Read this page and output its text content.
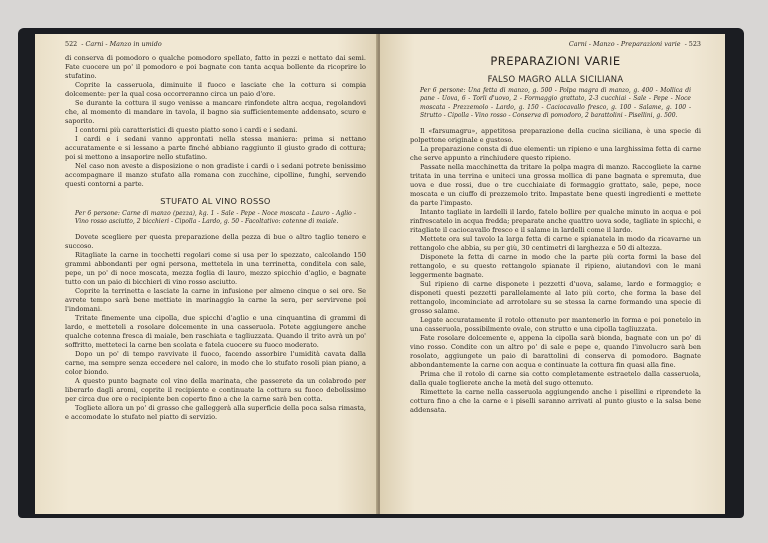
522  - Carni - Manzo in umido

di conserva di pomodoro o qualche pomodoro spellato, fatto in pezzi e nettato dai semi. Fate cuocere un po' il pomodoro e poi bagnate con tanta acqua bollente da ricoprire lo stufatino.

Coprite la casseruola, diminuite il fuoco e lasciate che la cottura si compia dolcemente: per la qual cosa occorreranno circa un paio d'ore.

Se durante la cottura il sugo venisse a mancare rinfondete altra acqua, regolandovi che, al momento di mandare in tavola, il bagno sia sufficientemente addensato, scuro e saporito.

I contorni più caratteristici di questo piatto sono i cardi e i sedani.

I cardi e i sedani vanno approntati nella stessa maniera: prima si nettano accuratamente e si lessano a parte finché abbiano raggiunto il giusto grado di cottura; poi si mettono a insaporire nello stufatino.

Nel caso non aveste a disposizione o non gradiste i cardi o i sedani potrete benissimo accompagnare il manzo stufato alla romana con zucchine, cipolline, funghi, servendo questi contorni a parte.

STUFATO AL VINO ROSSO
Per 6 persone: Carne di manzo (pezza), kg. 1 - Sale - Pepe - Noce moscata - Lauro - Aglio - Vino rosso asciutto, 2 bicchieri - Cipolla - Lardo, g. 50 - Facoltativo: cotenne di maiale.

Dovete scegliere per questa preparazione della pezza di bue o altro taglio tenero e succoso.

Ritagliate la carne in tocchetti regolari come si usa per lo spezzato, calcolando 150 grammi abbondanti per ogni persona, mettetela in una terrinetta, conditela con sale, pepe, un po' di noce moscata, mezza foglia di lauro, mezzo spicchio d'aglio, e bagnate tutto con un paio di bicchieri di vino rosso asciutto.

Coprite la terrinetta e lasciate la carne in infusione per almeno cinque o sei ore. Se avrete tempo sarà bene mettiate in marinaggio la carne la sera, per servirvene poi l'indomani.

Tritate finemente una cipolla, due spicchi d'aglio e una cinquantina di grammi di lardo, e metteteli a rosolare dolcemente in una casseruola. Potete aggiungere anche qualche cotenna fresca di maiale, ben raschiata e tagliuzzata. Quando il trito avrà un po' soffritto, metteteci la carne ben scolata e fatela cuocere su fuoco moderato.

Dopo un po' di tempo ravvivate il fuoco, facendo assorbire l'umidità cavata dalla carne, ma sempre senza eccedere nel calore, in modo che lo stufato rosoli pian piano, a color biondo.

A questo punto bagnate col vino della marinata, che passerete da un colabrodo per liberarlo dagli aromi, coprite il recipiente e continuate la cottura su fuoco debolissimo per circa due ore o recipiente ben coperto fino a che la carne sarà ben cotta.

Togliete allora un po' di grasso che galleggerà alla superficie della poca salsa rimasta, e accomodate lo stufato nel piatto di servizio.

Carni - Manzo - Preparazioni varie  - 523
PREPARAZIONI VARIE
FALSO MAGRO ALLA SICILIANA
Per 6 persone: Una fetta di manzo, g. 500 - Polpa magra di manzo, g. 400 - Mollica di pane - Uova, 6 - Torli d'uovo, 2 - Formaggio grattato, 2-3 cucchiai - Sale - Pepe - Noce moscata - Prezzemolo - Lardo, g. 150 - Caciocavallo fresco, g. 100 - Salame, g. 100 - Strutto - Cipolla - Vino rosso - Conserva di pomodoro, 2 barattolini - Pisellini, g. 500.

Il «farsumagru», appetitosa preparazione della cucina siciliana, è una specie di polpettone originale e gustoso.

La preparazione consta di due elementi: un ripieno e una larghissima fetta di carne che serve appunto a rinchiudere questo ripieno.

Passate nella macchinetta da tritare la polpa magra di manzo. Raccogliete la carne tritata in una terrina e uniteci una grossa mollica di pane bagnata e spremuta, due uova e due rossi, due o tre cucchiaiate di formaggio grattato, sale, pepe, noce moscata e un ciuffo di prezzemolo trito. Impastate bene questi ingredienti e mettete da parte l'impasto.

Intanto tagliate in lardelli il lardo, fatelo bollire per qualche minuto in acqua e poi rinfrescatelo in acqua fredda; preparate anche quattro uova sode, tagliate in spicchi, e ritagliate il caciocavallo fresco e il salame in lardelli come il lardo.

Mettete ora sul tavolo la larga fetta di carne e spianatela in modo da ricavarne un rettangolo che abbia, su per giù, 30 centimetri di larghezza e 50 di altezza.

Disponete la fetta di carne in modo che la parte più corta formi la base del rettangolo, e su questo rettangolo spianate il ripieno, aiutandovi con le mani leggermente bagnate.

Sul ripieno di carne disponete i pezzetti d'uova, salame, lardo e formaggio; e disponeti questi pezzetti parallelamente al lato più corto, che forma la base del rettangolo, incominciate ad arrotolare su se stessa la carne formando una specie di grosso salame.

Legate accuratamente il rotolo ottenuto per mantenerlo in forma e poi ponetelo in una casseruola, possibilmente ovale, con strutto e una cipolla tagliuzzata.

Fate rosolare dolcemente e, appena la cipolla sarà bionda, bagnate con un po' di vino rosso. Condite con un altro po' di sale e pepe e, quando l'involucro sarà ben rosolato, aggiungete un paio di barattolini di conserva di pomodoro. Bagnate abbondantemente la carne con acqua e continuate la cottura fin quasi alla fine.

Prima che il rotolo di carne sia cotto completamente estraetelo dalla casseruola, dalla quale toglierete anche la metà del sugo ottenuto.

Rimettete la carne nella casseruola aggiungendo anche i pisellini e riprendete la cottura fino a che la carne e i piselli saranno arrivati al punto giusto e la salsa bene addensata.
